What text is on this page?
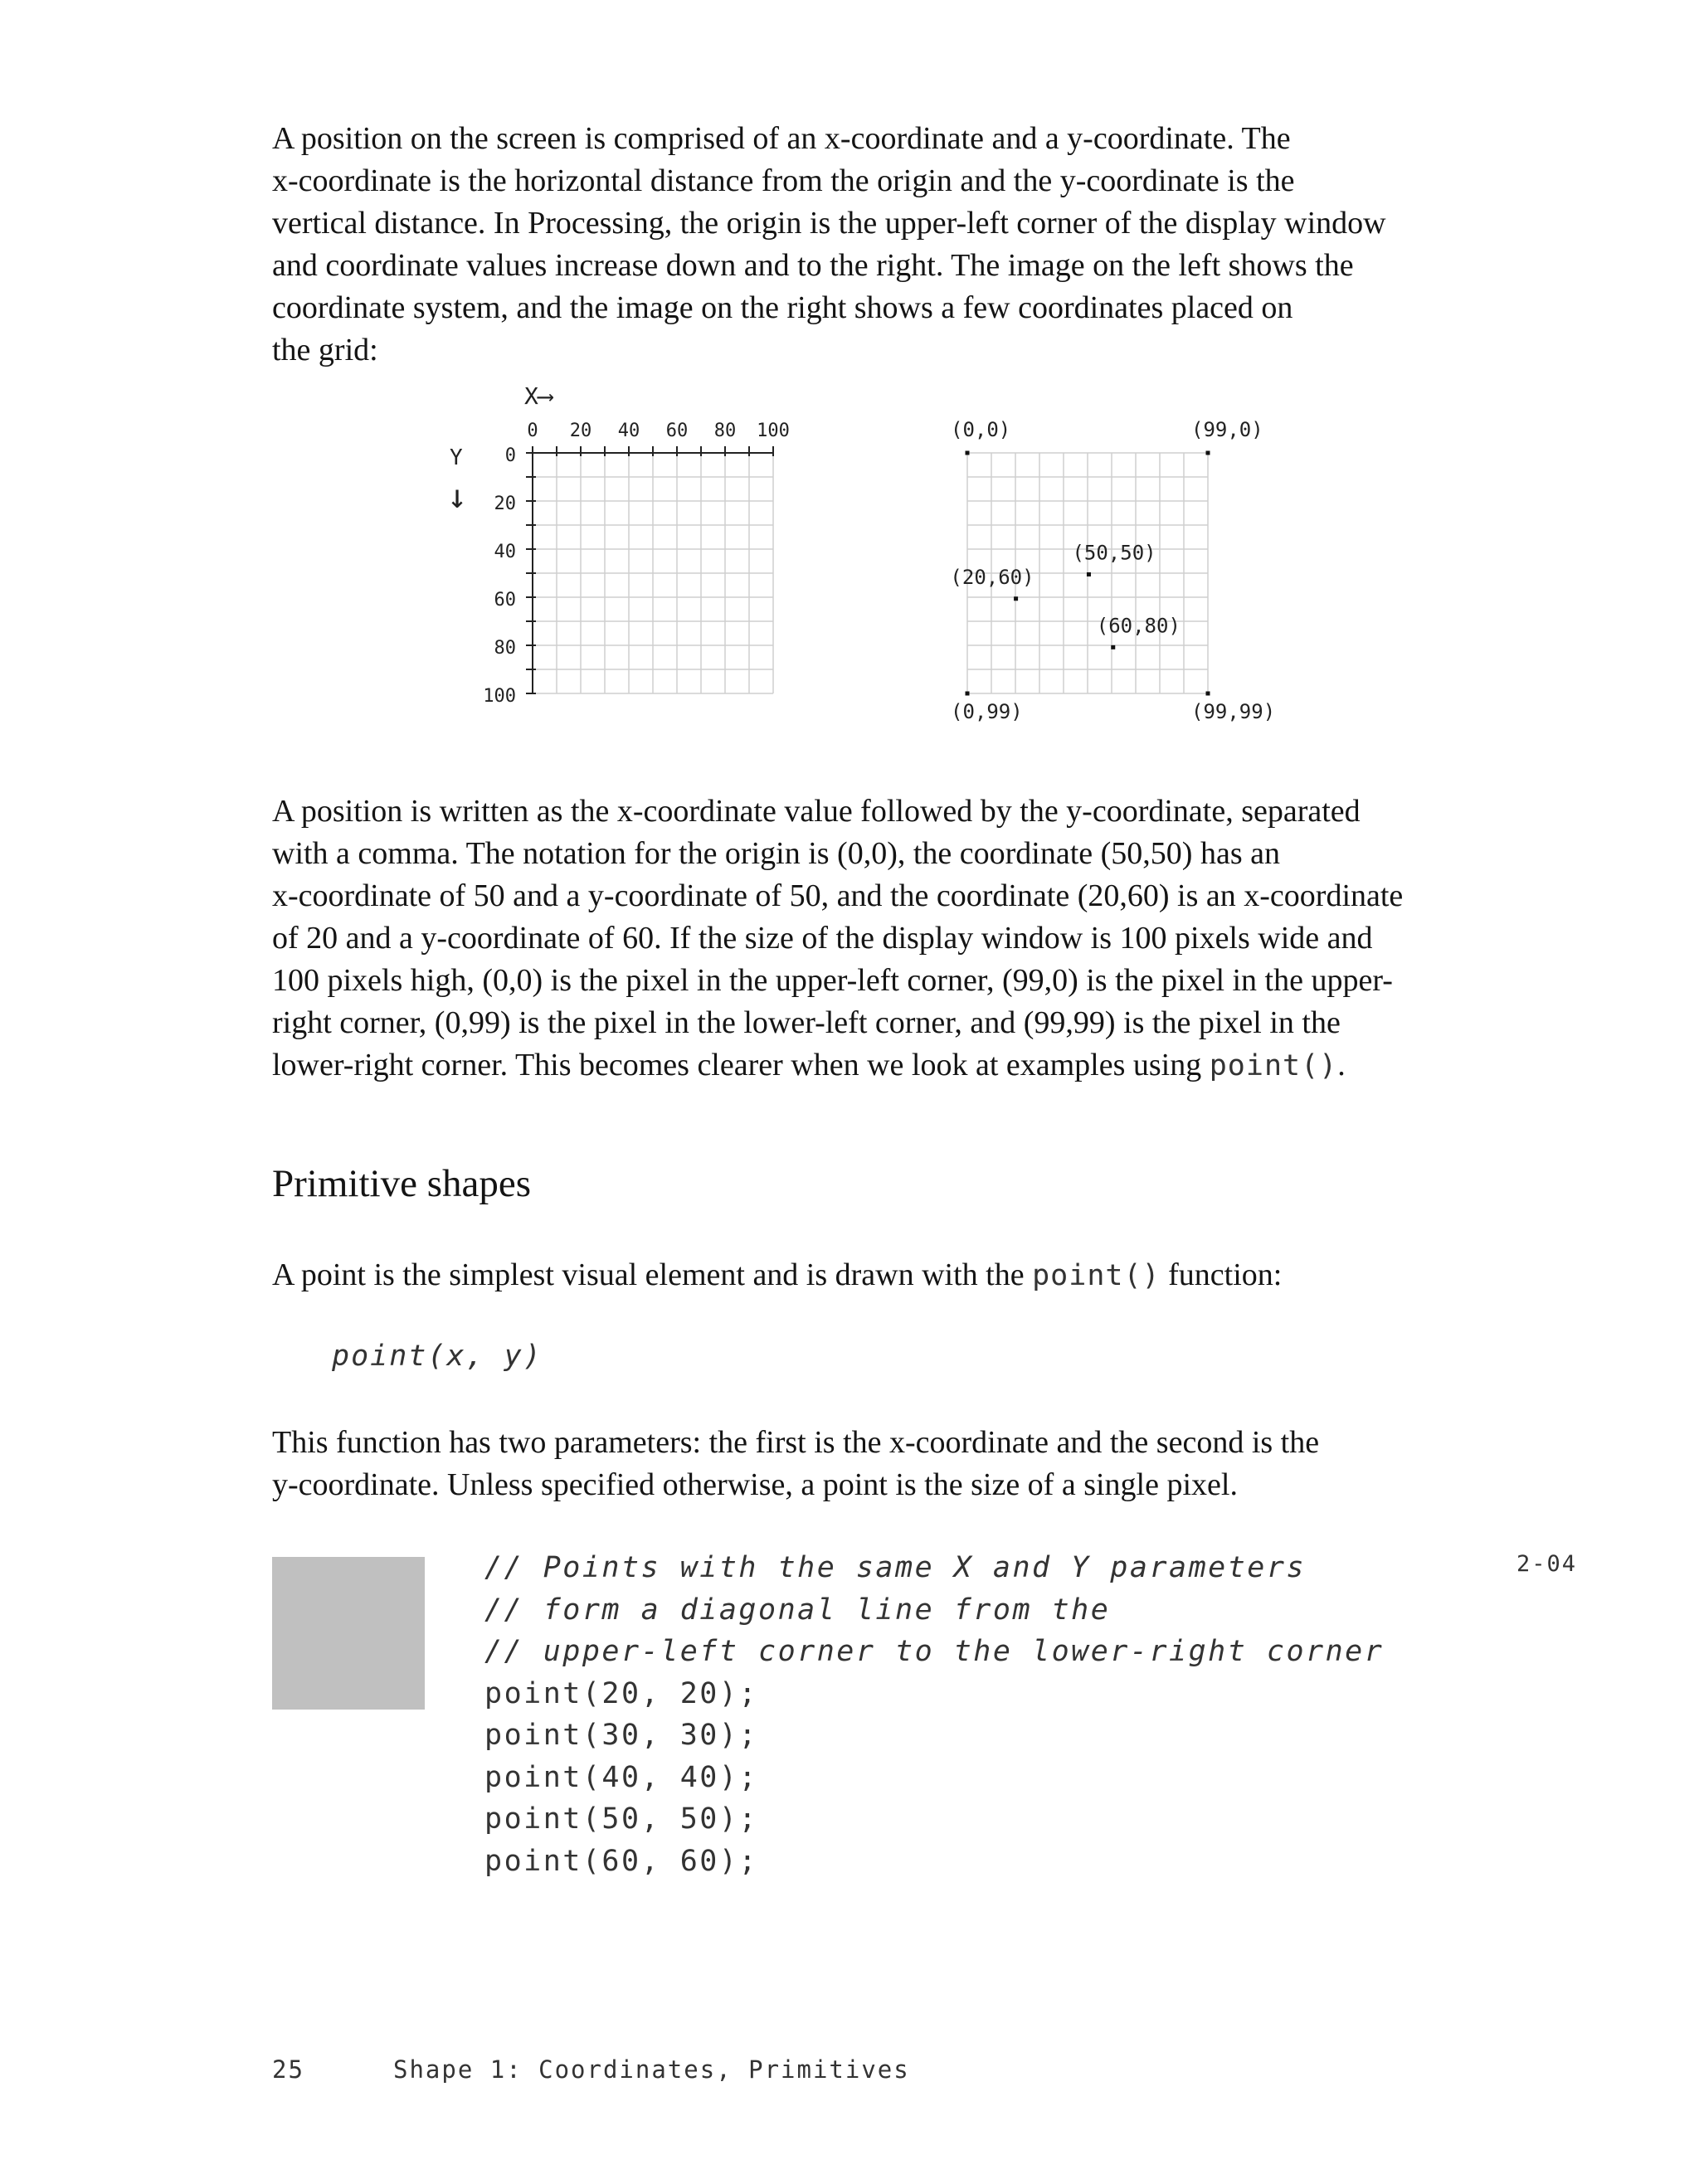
A position on the screen is comprised of an x-coordinate and a y-coordinate. The
x-coordinate is the horizontal distance from the origin and the y-coordinate is the
vertical distance. In Processing, the origin is the upper-left corner of the display window
and coordinate values increase down and to the right. The image on the left shows the
coordinate system, and the image on the right shows a few coordinates placed on
the grid:

X⟶
Y
↓
0 20 40 60 80 100
0
20
40
60
80
100
(0,0)	(99,0)
(50,50)
(20,60)
(60,80)
(0,99)	(99,99)

A position is written as the x-coordinate value followed by the y-coordinate, separated
with a comma. The notation for the origin is (0,0), the coordinate (50,50) has an
x-coordinate of 50 and a y-coordinate of 50, and the coordinate (20,60) is an x-coordinate
of 20 and a y-coordinate of 60. If the size of the display window is 100 pixels wide and
100 pixels high, (0,0) is the pixel in the upper-left corner, (99,0) is the pixel in the upper-
right corner, (0,99) is the pixel in the lower-left corner, and (99,99) is the pixel in the
lower-right corner. This becomes clearer when we look at examples using point().

Primitive shapes

A point is the simplest visual element and is drawn with the point() function:

point(x, y)

This function has two parameters: the first is the x-coordinate and the second is the
y-coordinate. Unless specified otherwise, a point is the size of a single pixel.

// Points with the same X and Y parameters
// form a diagonal line from the
// upper-left corner to the lower-right corner
point(20, 20);
point(30, 30);
point(40, 40);
point(50, 50);
point(60, 60);
2-04
25	Shape 1: Coordinates, Primitives
